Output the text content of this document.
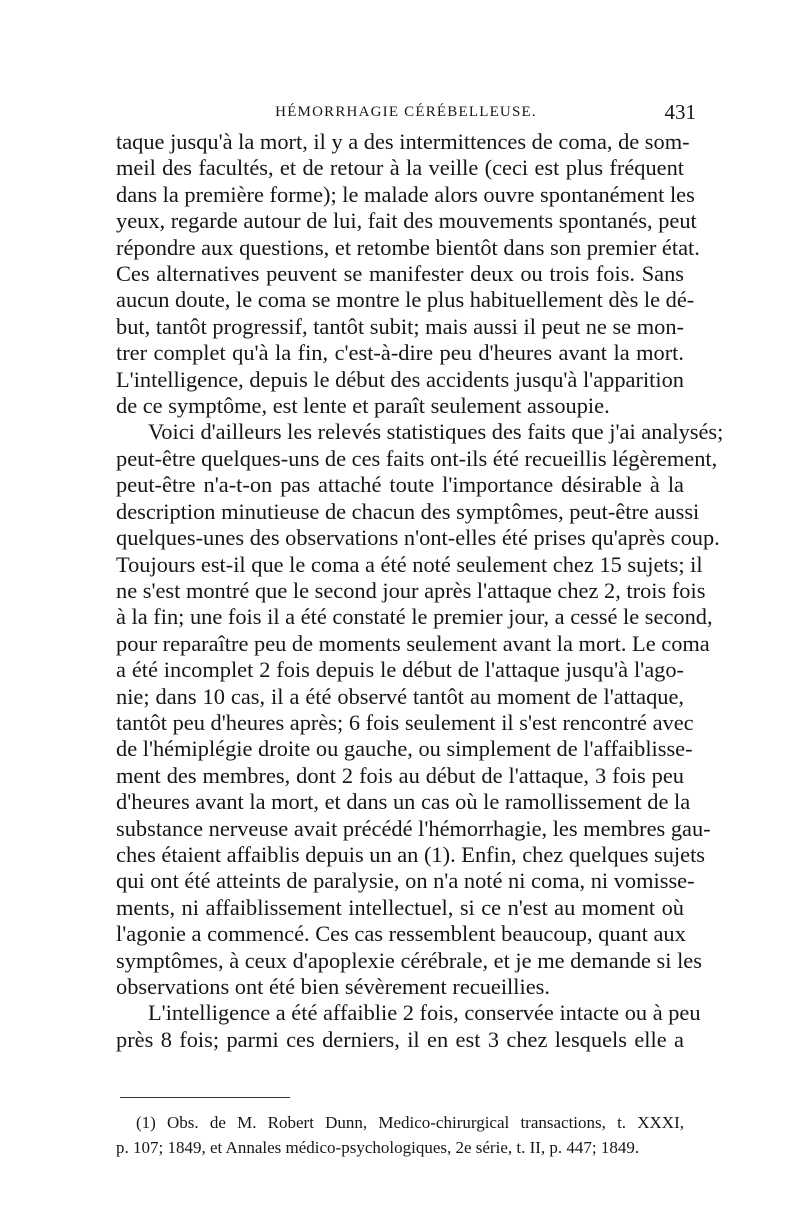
HÉMORRHAGIE CÉRÉBELLEUSE.	431
taque jusqu'à la mort, il y a des intermittences de coma, de som-
meil des facultés, et de retour à la veille (ceci est plus fréquent
dans la première forme); le malade alors ouvre spontanément les
yeux, regarde autour de lui, fait des mouvements spontanés, peut
répondre aux questions, et retombe bientôt dans son premier état.
Ces alternatives peuvent se manifester deux ou trois fois. Sans
aucun doute, le coma se montre le plus habituellement dès le dé-
but, tantôt progressif, tantôt subit; mais aussi il peut ne se mon-
trer complet qu'à la fin, c'est-à-dire peu d'heures avant la mort.
L'intelligence, depuis le début des accidents jusqu'à l'apparition
de ce symptôme, est lente et paraît seulement assoupie.
Voici d'ailleurs les relevés statistiques des faits que j'ai analysés;
peut-être quelques-uns de ces faits ont-ils été recueillis légèrement,
peut-être n'a-t-on pas attaché toute l'importance désirable à la
description minutieuse de chacun des symptômes, peut-être aussi
quelques-unes des observations n'ont-elles été prises qu'après coup.
Toujours est-il que le coma a été noté seulement chez 15 sujets; il
ne s'est montré que le second jour après l'attaque chez 2, trois fois
à la fin; une fois il a été constaté le premier jour, a cessé le second,
pour reparaître peu de moments seulement avant la mort. Le coma
a été incomplet 2 fois depuis le début de l'attaque jusqu'à l'ago-
nie; dans 10 cas, il a été observé tantôt au moment de l'attaque,
tantôt peu d'heures après; 6 fois seulement il s'est rencontré avec
de l'hémiplégie droite ou gauche, ou simplement de l'affaiblisse-
ment des membres, dont 2 fois au début de l'attaque, 3 fois peu
d'heures avant la mort, et dans un cas où le ramollissement de la
substance nerveuse avait précédé l'hémorrhagie, les membres gau-
ches étaient affaiblis depuis un an (1). Enfin, chez quelques sujets
qui ont été atteints de paralysie, on n'a noté ni coma, ni vomisse-
ments, ni affaiblissement intellectuel, si ce n'est au moment où
l'agonie a commencé. Ces cas ressemblent beaucoup, quant aux
symptômes, à ceux d'apoplexie cérébrale, et je me demande si les
observations ont été bien sévèrement recueillies.
L'intelligence a été affaiblie 2 fois, conservée intacte ou à peu
près 8 fois; parmi ces derniers, il en est 3 chez lesquels elle a
(1) Obs. de M. Robert Dunn, Medico-chirurgical transactions, t. XXXI,
p. 107; 1849, et Annales médico-psychologiques, 2e série, t. II, p. 447; 1849.
